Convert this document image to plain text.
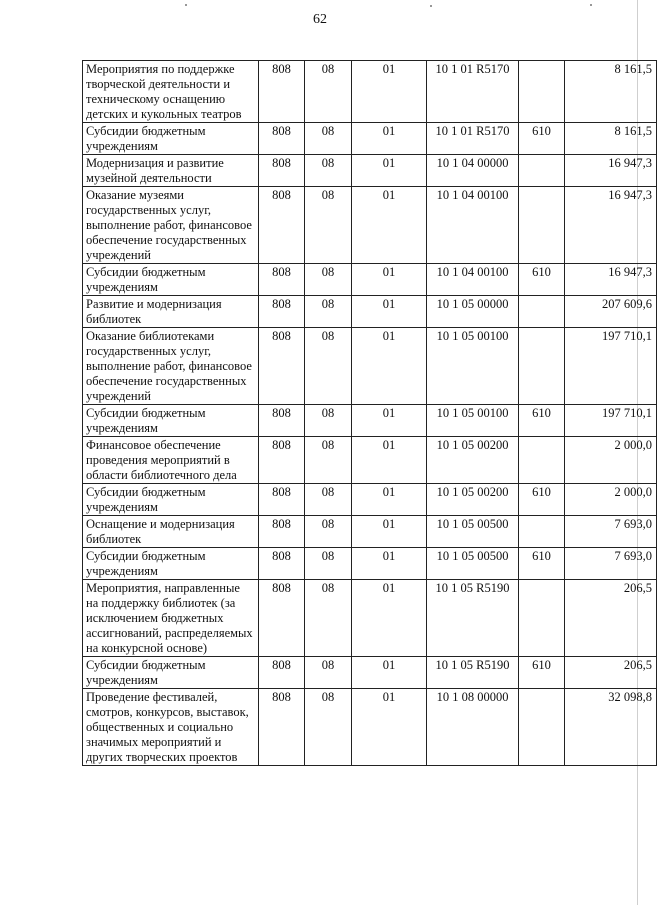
62
Мероприятия по поддержке творческой деятельности и техническому оснащению детских и кукольных театров	808	08	01	10 1 01 R5170		8 161,5
Субсидии бюджетным учреждениям	808	08	01	10 1 01 R5170	610	8 161,5
Модернизация и развитие музейной деятельности	808	08	01	10 1 04 00000		16 947,3
Оказание музеями государственных услуг, выполнение работ, финансовое обеспечение государственных учреждений	808	08	01	10 1 04 00100		16 947,3
Субсидии бюджетным учреждениям	808	08	01	10 1 04 00100	610	16 947,3
Развитие и модернизация библиотек	808	08	01	10 1 05 00000		207 609,6
Оказание библиотеками государственных услуг, выполнение работ, финансовое обеспечение государственных учреждений	808	08	01	10 1 05 00100		197 710,1
Субсидии бюджетным учреждениям	808	08	01	10 1 05 00100	610	197 710,1
Финансовое обеспечение проведения мероприятий в области библиотечного дела	808	08	01	10 1 05 00200		2 000,0
Субсидии бюджетным учреждениям	808	08	01	10 1 05 00200	610	2 000,0
Оснащение и модернизация библиотек	808	08	01	10 1 05 00500		7 693,0
Субсидии бюджетным учреждениям	808	08	01	10 1 05 00500	610	7 693,0
Мероприятия, направленные на поддержку библиотек (за исключением бюджетных ассигнований, распределяемых на конкурсной основе)	808	08	01	10 1 05 R5190		206,5
Субсидии бюджетным учреждениям	808	08	01	10 1 05 R5190	610	206,5
Проведение фестивалей, смотров, конкурсов, выставок, общественных и социально значимых мероприятий и других творческих проектов	808	08	01	10 1 08 00000		32 098,8
